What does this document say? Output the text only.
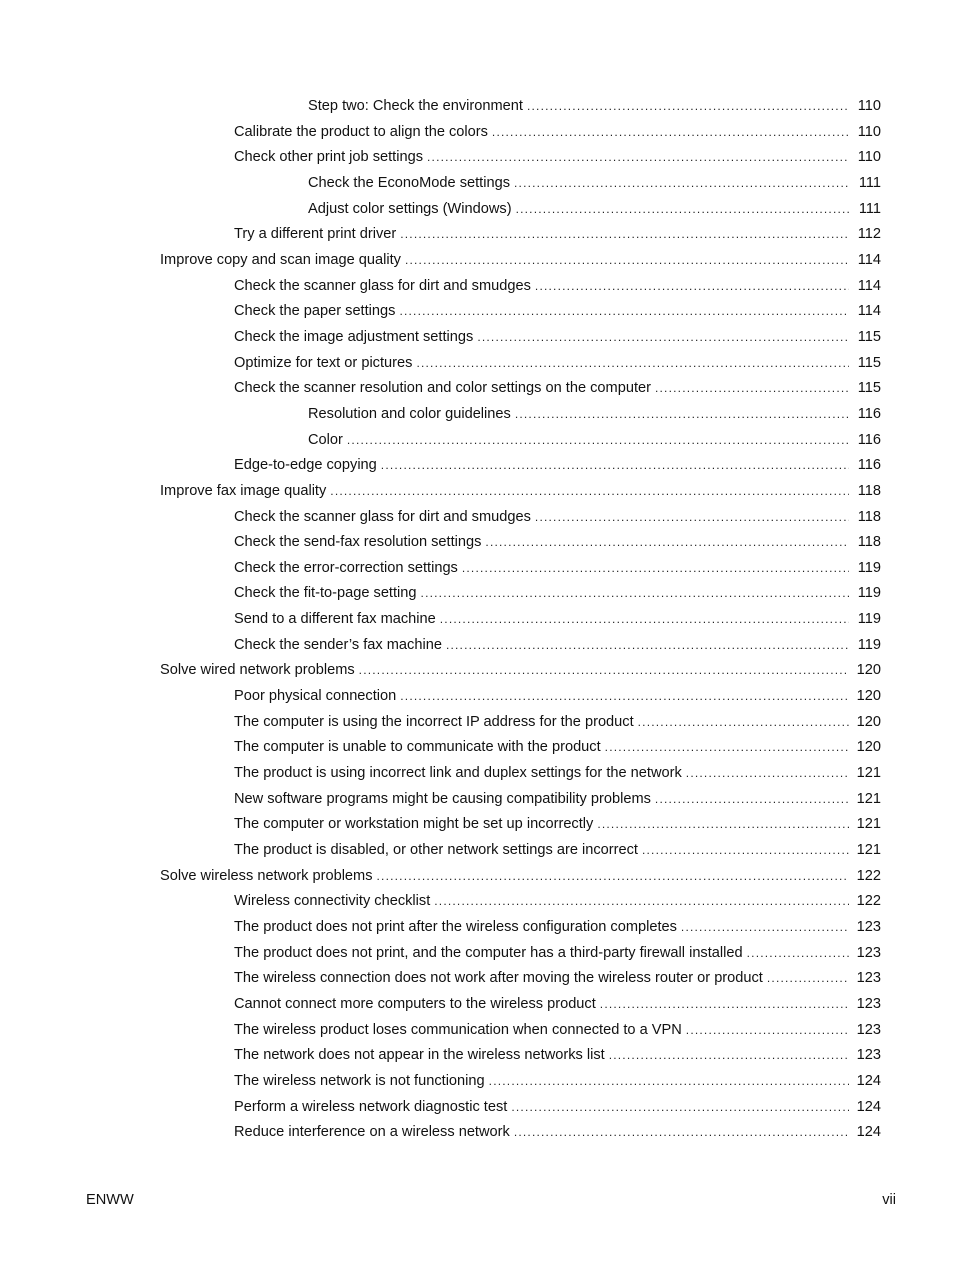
Step two: Check the environment .....	110
Calibrate the product to align the colors .....	110
Check other print job settings .....	110
Check the EconoMode settings .....	111
Adjust color settings (Windows) .....	111
Try a different print driver .....	112
Improve copy and scan image quality .....	114
Check the scanner glass for dirt and smudges .....	114
Check the paper settings .....	114
Check the image adjustment settings .....	115
Optimize for text or pictures .....	115
Check the scanner resolution and color settings on the computer .....	115
Resolution and color guidelines .....	116
Color .....	116
Edge-to-edge copying .....	116
Improve fax image quality .....	118
Check the scanner glass for dirt and smudges .....	118
Check the send-fax resolution settings .....	118
Check the error-correction settings .....	119
Check the fit-to-page setting .....	119
Send to a different fax machine .....	119
Check the sender’s fax machine .....	119
Solve wired network problems .....	120
Poor physical connection .....	120
The computer is using the incorrect IP address for the product .....	120
The computer is unable to communicate with the product .....	120
The product is using incorrect link and duplex settings for the network .....	121
New software programs might be causing compatibility problems .....	121
The computer or workstation might be set up incorrectly .....	121
The product is disabled, or other network settings are incorrect .....	121
Solve wireless network problems .....	122
Wireless connectivity checklist .....	122
The product does not print after the wireless configuration completes .....	123
The product does not print, and the computer has a third-party firewall installed .....	123
The wireless connection does not work after moving the wireless router or product .....	123
Cannot connect more computers to the wireless product .....	123
The wireless product loses communication when connected to a VPN .....	123
The network does not appear in the wireless networks list .....	123
The wireless network is not functioning .....	124
Perform a wireless network diagnostic test .....	124
Reduce interference on a wireless network .....	124
ENWW	vii
